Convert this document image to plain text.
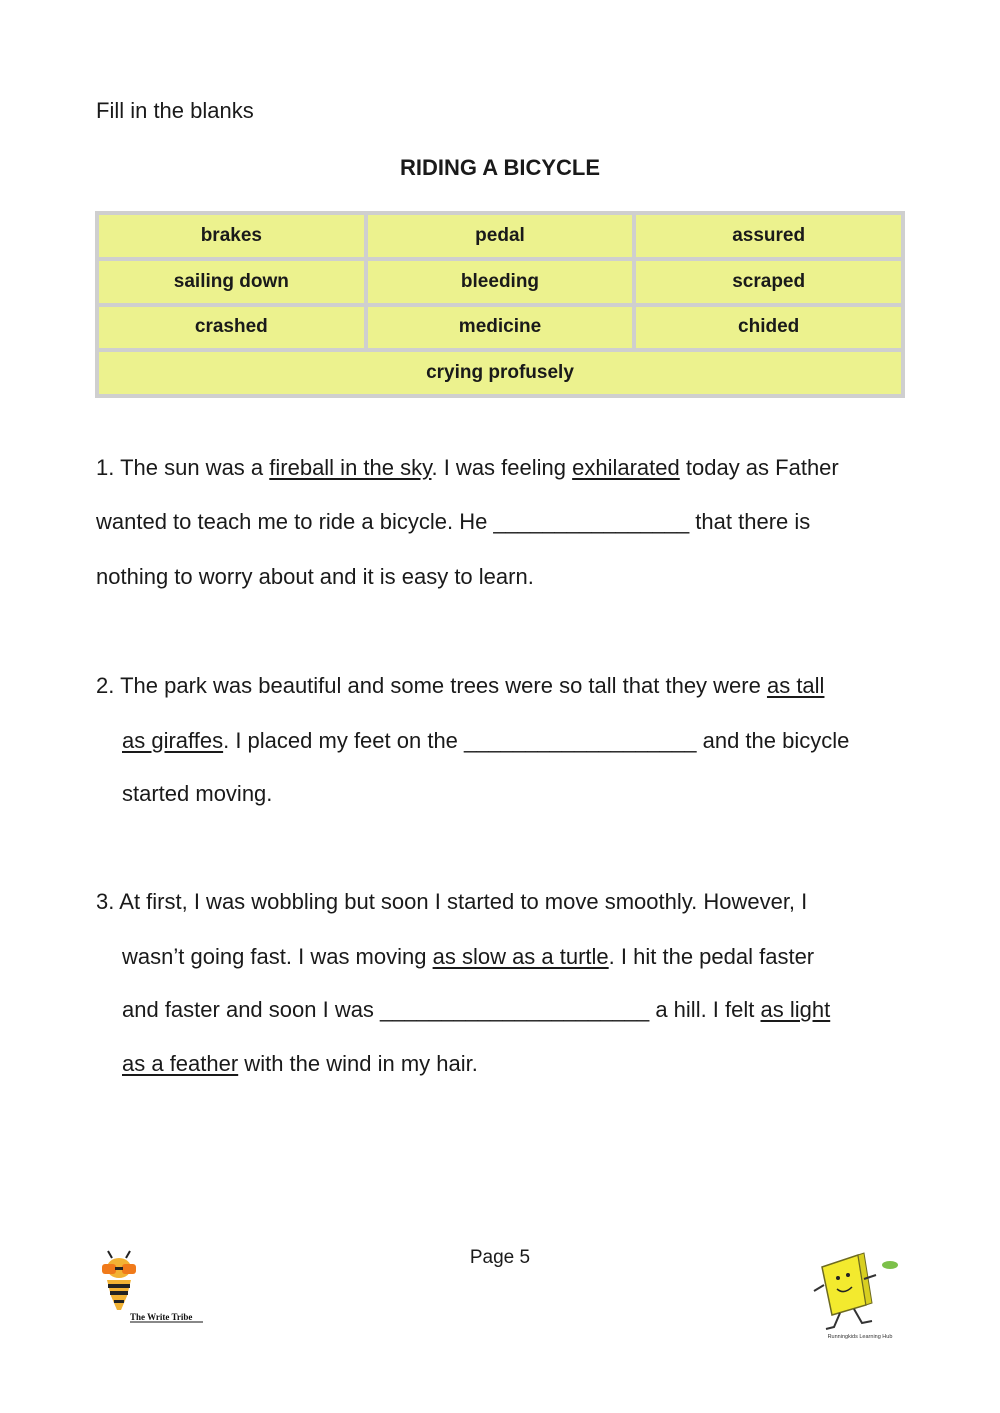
Fill in the blanks
RIDING A BICYCLE
brakes	pedal	assured
sailing down	bleeding	scraped
crashed	medicine	chided
crying profusely
1. The sun was a fireball in the sky. I was feeling exhilarated today as Father
wanted to teach me to ride a bicycle. He ________________ that there is
nothing to worry about and it is easy to learn.
2. The park was beautiful and some trees were so tall that they were as tall
as giraffes. I placed my feet on the ___________________ and the bicycle
started moving.
3. At first, I was wobbling but soon I started to move smoothly. However, I
wasn’t going fast. I was moving as slow as a turtle. I hit the pedal faster
and faster and soon I was ______________________ a hill. I felt as light
as a feather with the wind in my hair.
Page 5
The Write Tribe
Runningkids Learning Hub
